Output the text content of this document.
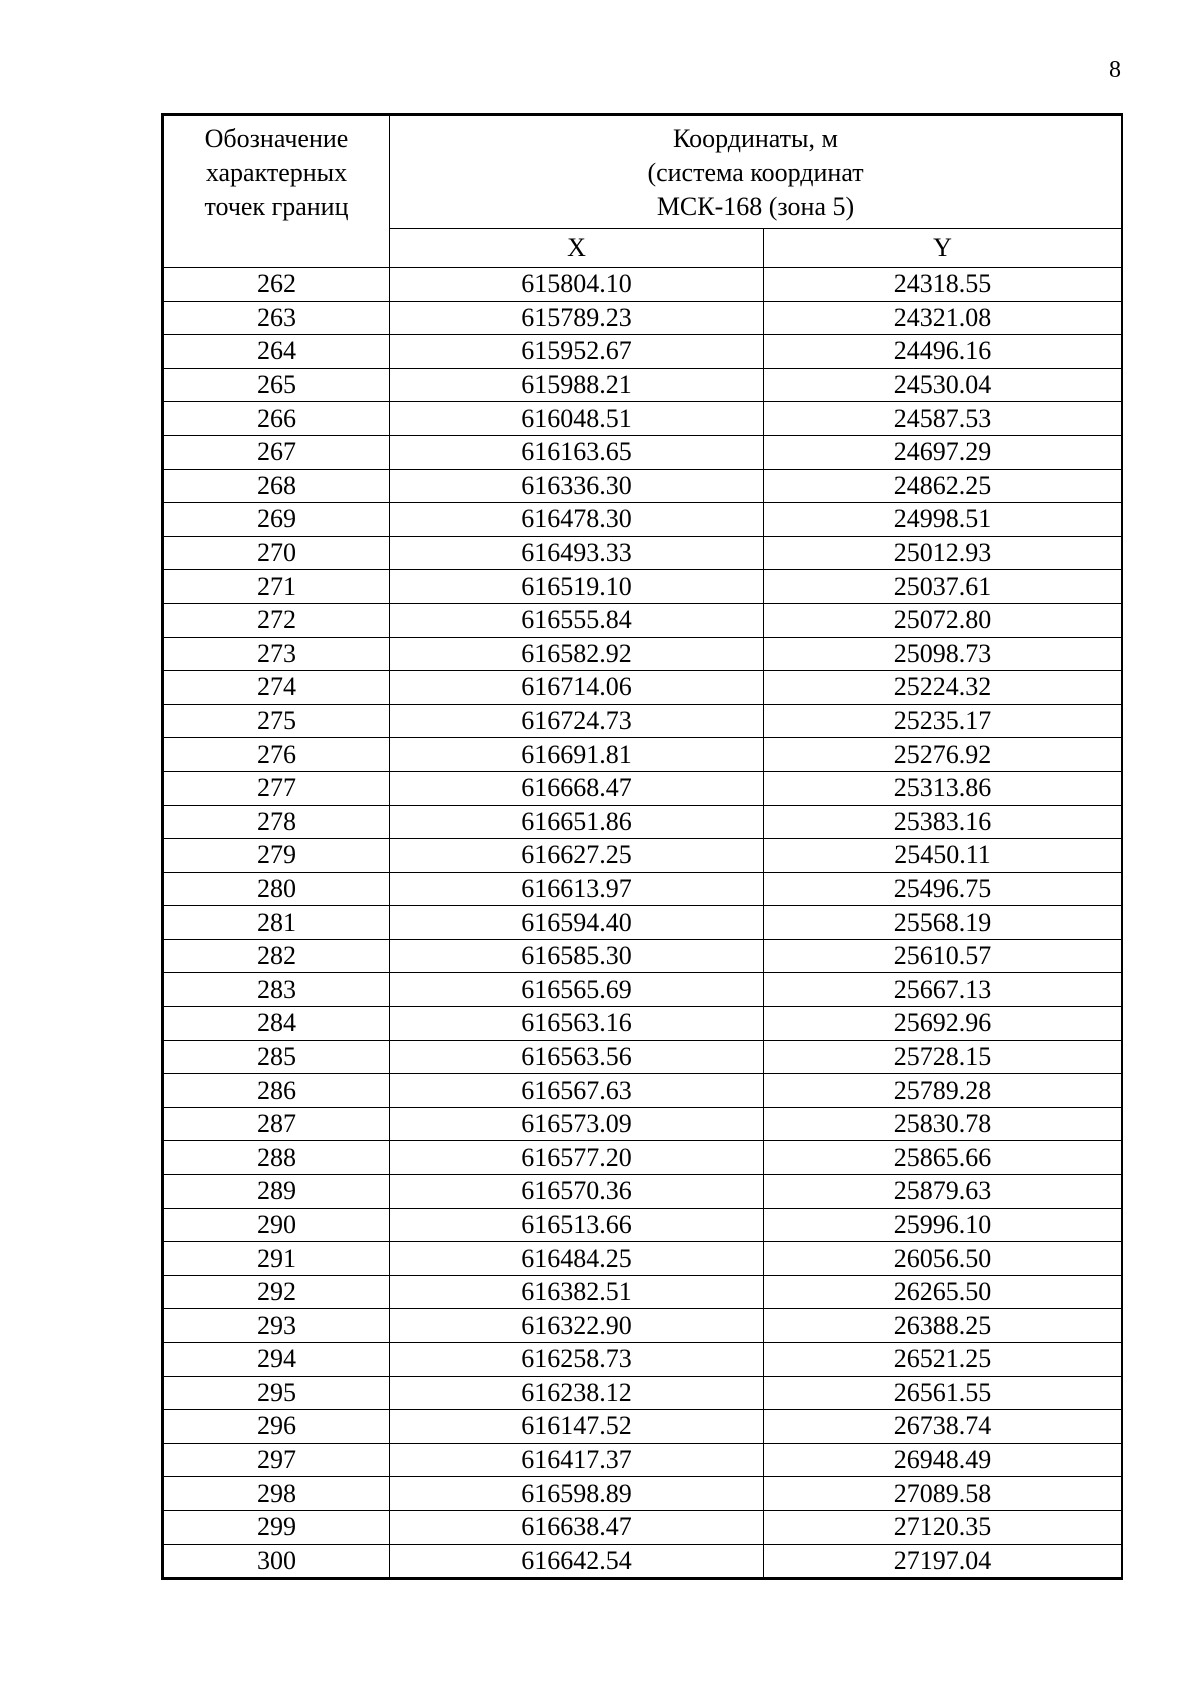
8
Обозначение
характерных
точек границ	Координаты, м
(система координат
МСК-168 (зона 5)	

	X	Y
262	615804.10	24318.55
263	615789.23	24321.08
264	615952.67	24496.16
265	615988.21	24530.04
266	616048.51	24587.53
267	616163.65	24697.29
268	616336.30	24862.25
269	616478.30	24998.51
270	616493.33	25012.93
271	616519.10	25037.61
272	616555.84	25072.80
273	616582.92	25098.73
274	616714.06	25224.32
275	616724.73	25235.17
276	616691.81	25276.92
277	616668.47	25313.86
278	616651.86	25383.16
279	616627.25	25450.11
280	616613.97	25496.75
281	616594.40	25568.19
282	616585.30	25610.57
283	616565.69	25667.13
284	616563.16	25692.96
285	616563.56	25728.15
286	616567.63	25789.28
287	616573.09	25830.78
288	616577.20	25865.66
289	616570.36	25879.63
290	616513.66	25996.10
291	616484.25	26056.50
292	616382.51	26265.50
293	616322.90	26388.25
294	616258.73	26521.25
295	616238.12	26561.55
296	616147.52	26738.74
297	616417.37	26948.49
298	616598.89	27089.58
299	616638.47	27120.35
300	616642.54	27197.04
